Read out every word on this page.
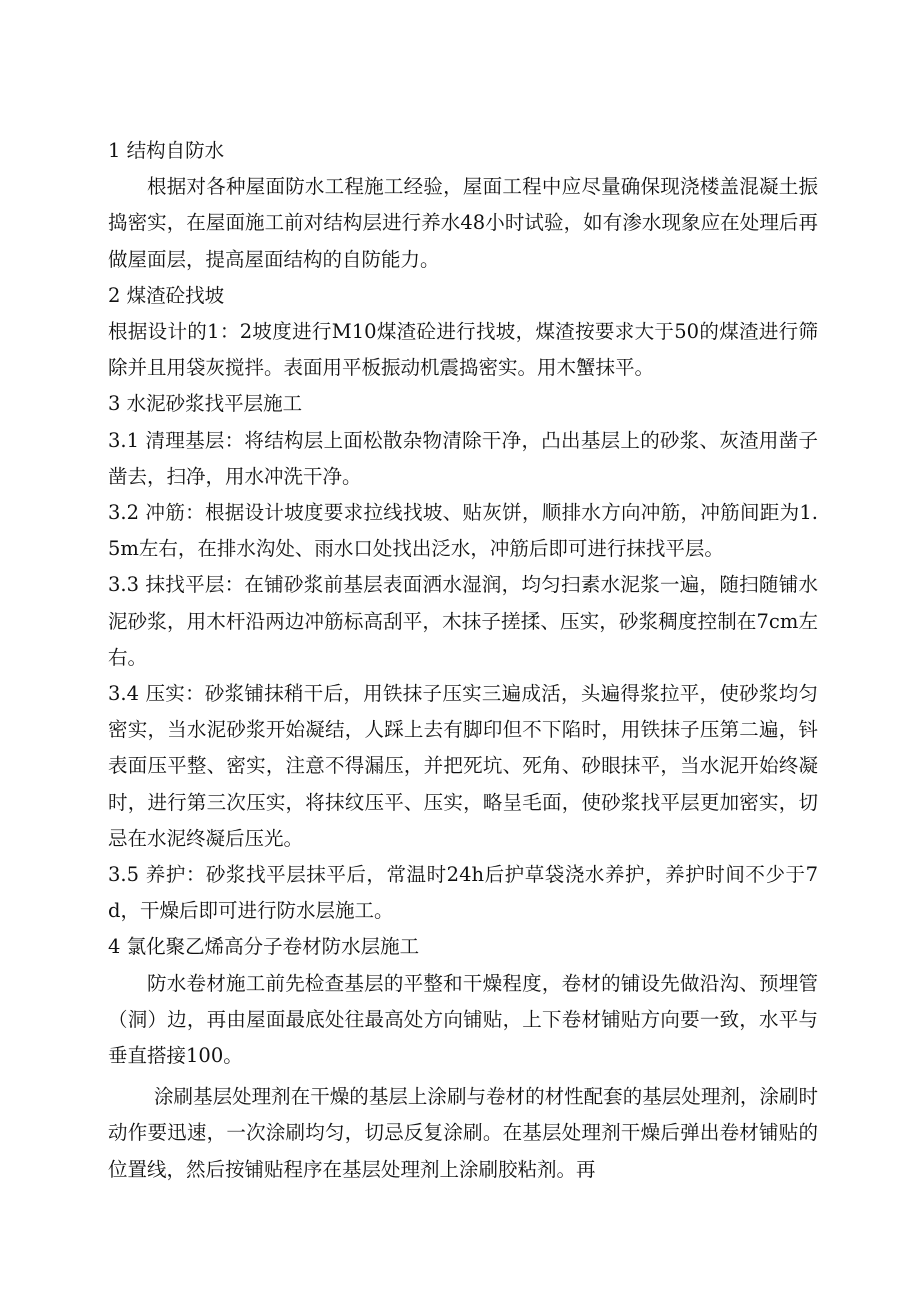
1 结构自防水

根据对各种屋面防水工程施工经验，屋面工程中应尽量确保现浇楼盖混凝土振捣密实，在屋面施工前对结构层进行养水48小时试验，如有渗水现象应在处理后再做屋面层，提高屋面结构的自防能力。

2 煤渣砼找坡

根据设计的1：2坡度进行M10煤渣砼进行找坡，煤渣按要求大于50的煤渣进行筛除并且用袋灰搅拌。表面用平板振动机震捣密实。用木蟹抹平。

3 水泥砂浆找平层施工

3.1 清理基层：将结构层上面松散杂物清除干净，凸出基层上的砂浆、灰渣用凿子凿去，扫净，用水冲洗干净。

3.2 冲筋：根据设计坡度要求拉线找坡、贴灰饼，顺排水方向冲筋，冲筋间距为1.5m左右，在排水沟处、雨水口处找出泛水，冲筋后即可进行抹找平层。

3.3 抹找平层：在铺砂浆前基层表面洒水湿润，均匀扫素水泥浆一遍，随扫随铺水泥砂浆，用木杆沿两边冲筋标高刮平，木抹子搓揉、压实，砂浆稠度控制在7cm左右。

3.4 压实：砂浆铺抹稍干后，用铁抹子压实三遍成活，头遍得浆拉平，使砂浆均匀密实，当水泥砂浆开始凝结，人踩上去有脚印但不下陷时，用铁抹子压第二遍，钭表面压平整、密实，注意不得漏压，并把死坑、死角、砂眼抹平，当水泥开始终凝时，进行第三次压实，将抹纹压平、压实，略呈毛面，使砂浆找平层更加密实，切忌在水泥终凝后压光。

3.5 养护：砂浆找平层抹平后，常温时24h后护草袋浇水养护，养护时间不少于7d，干燥后即可进行防水层施工。

4 氯化聚乙烯高分子卷材防水层施工

防水卷材施工前先检查基层的平整和干燥程度，卷材的铺设先做沿沟、预埋管（洞）边，再由屋面最底处往最高处方向铺贴，上下卷材铺贴方向要一致，水平与垂直搭接100。

涂刷基层处理剂在干燥的基层上涂刷与卷材的材性配套的基层处理剂，涂刷时动作要迅速，一次涂刷均匀，切忌反复涂刷。在基层处理剂干燥后弹出卷材铺贴的位置线，然后按铺贴程序在基层处理剂上涂刷胶粘剂。再
